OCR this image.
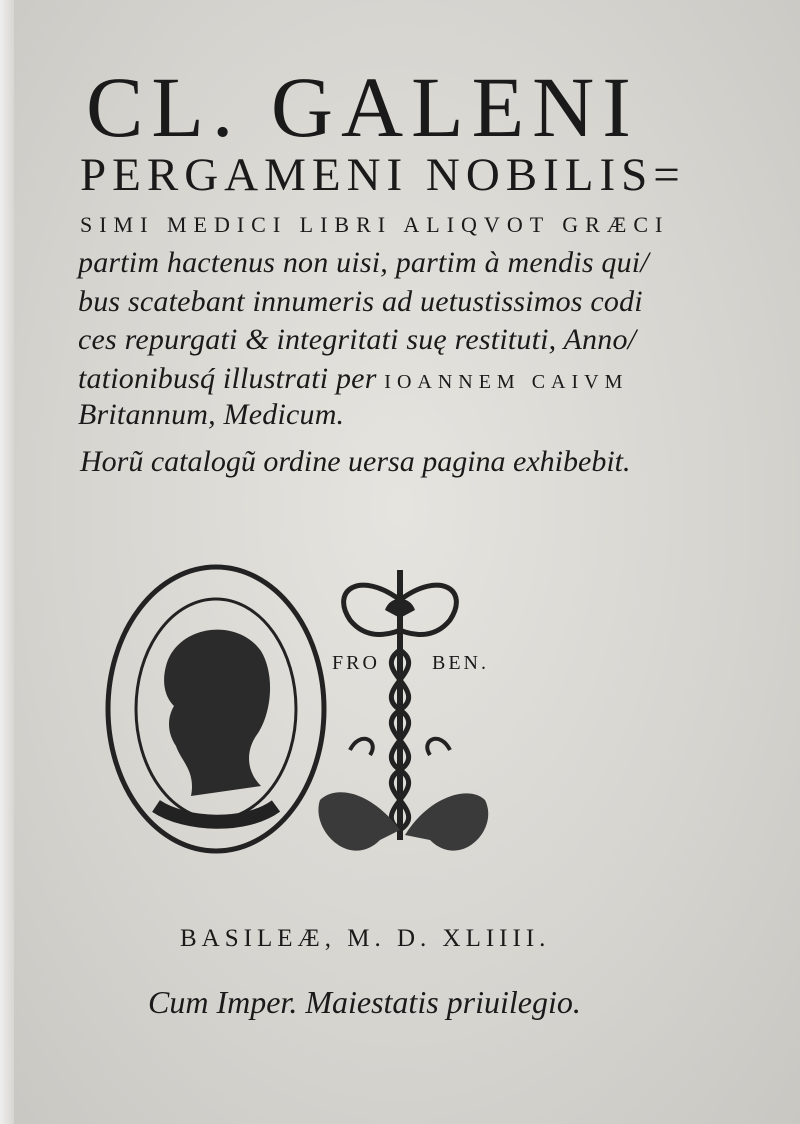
CL. GALENI
PERGAMENI NOBILIS=
SIMI MEDICI LIBRI ALIQVOT GRÆCI
partim hactenus non uisi, partim à mendis qui/
bus scatebant innumeris ad uetustissimos codi
ces repurgati & integritati suę restituti, Anno/
tationibusq́ illustrati per IOANNEM CAIVM
Britannum, Medicum.
Horũ catalogũ ordine uersa pagina exhibebit.
FRO	BEN.
BASILEÆ, M. D. XLIIII.
Cum Imper. Maiestatis priuilegio.
